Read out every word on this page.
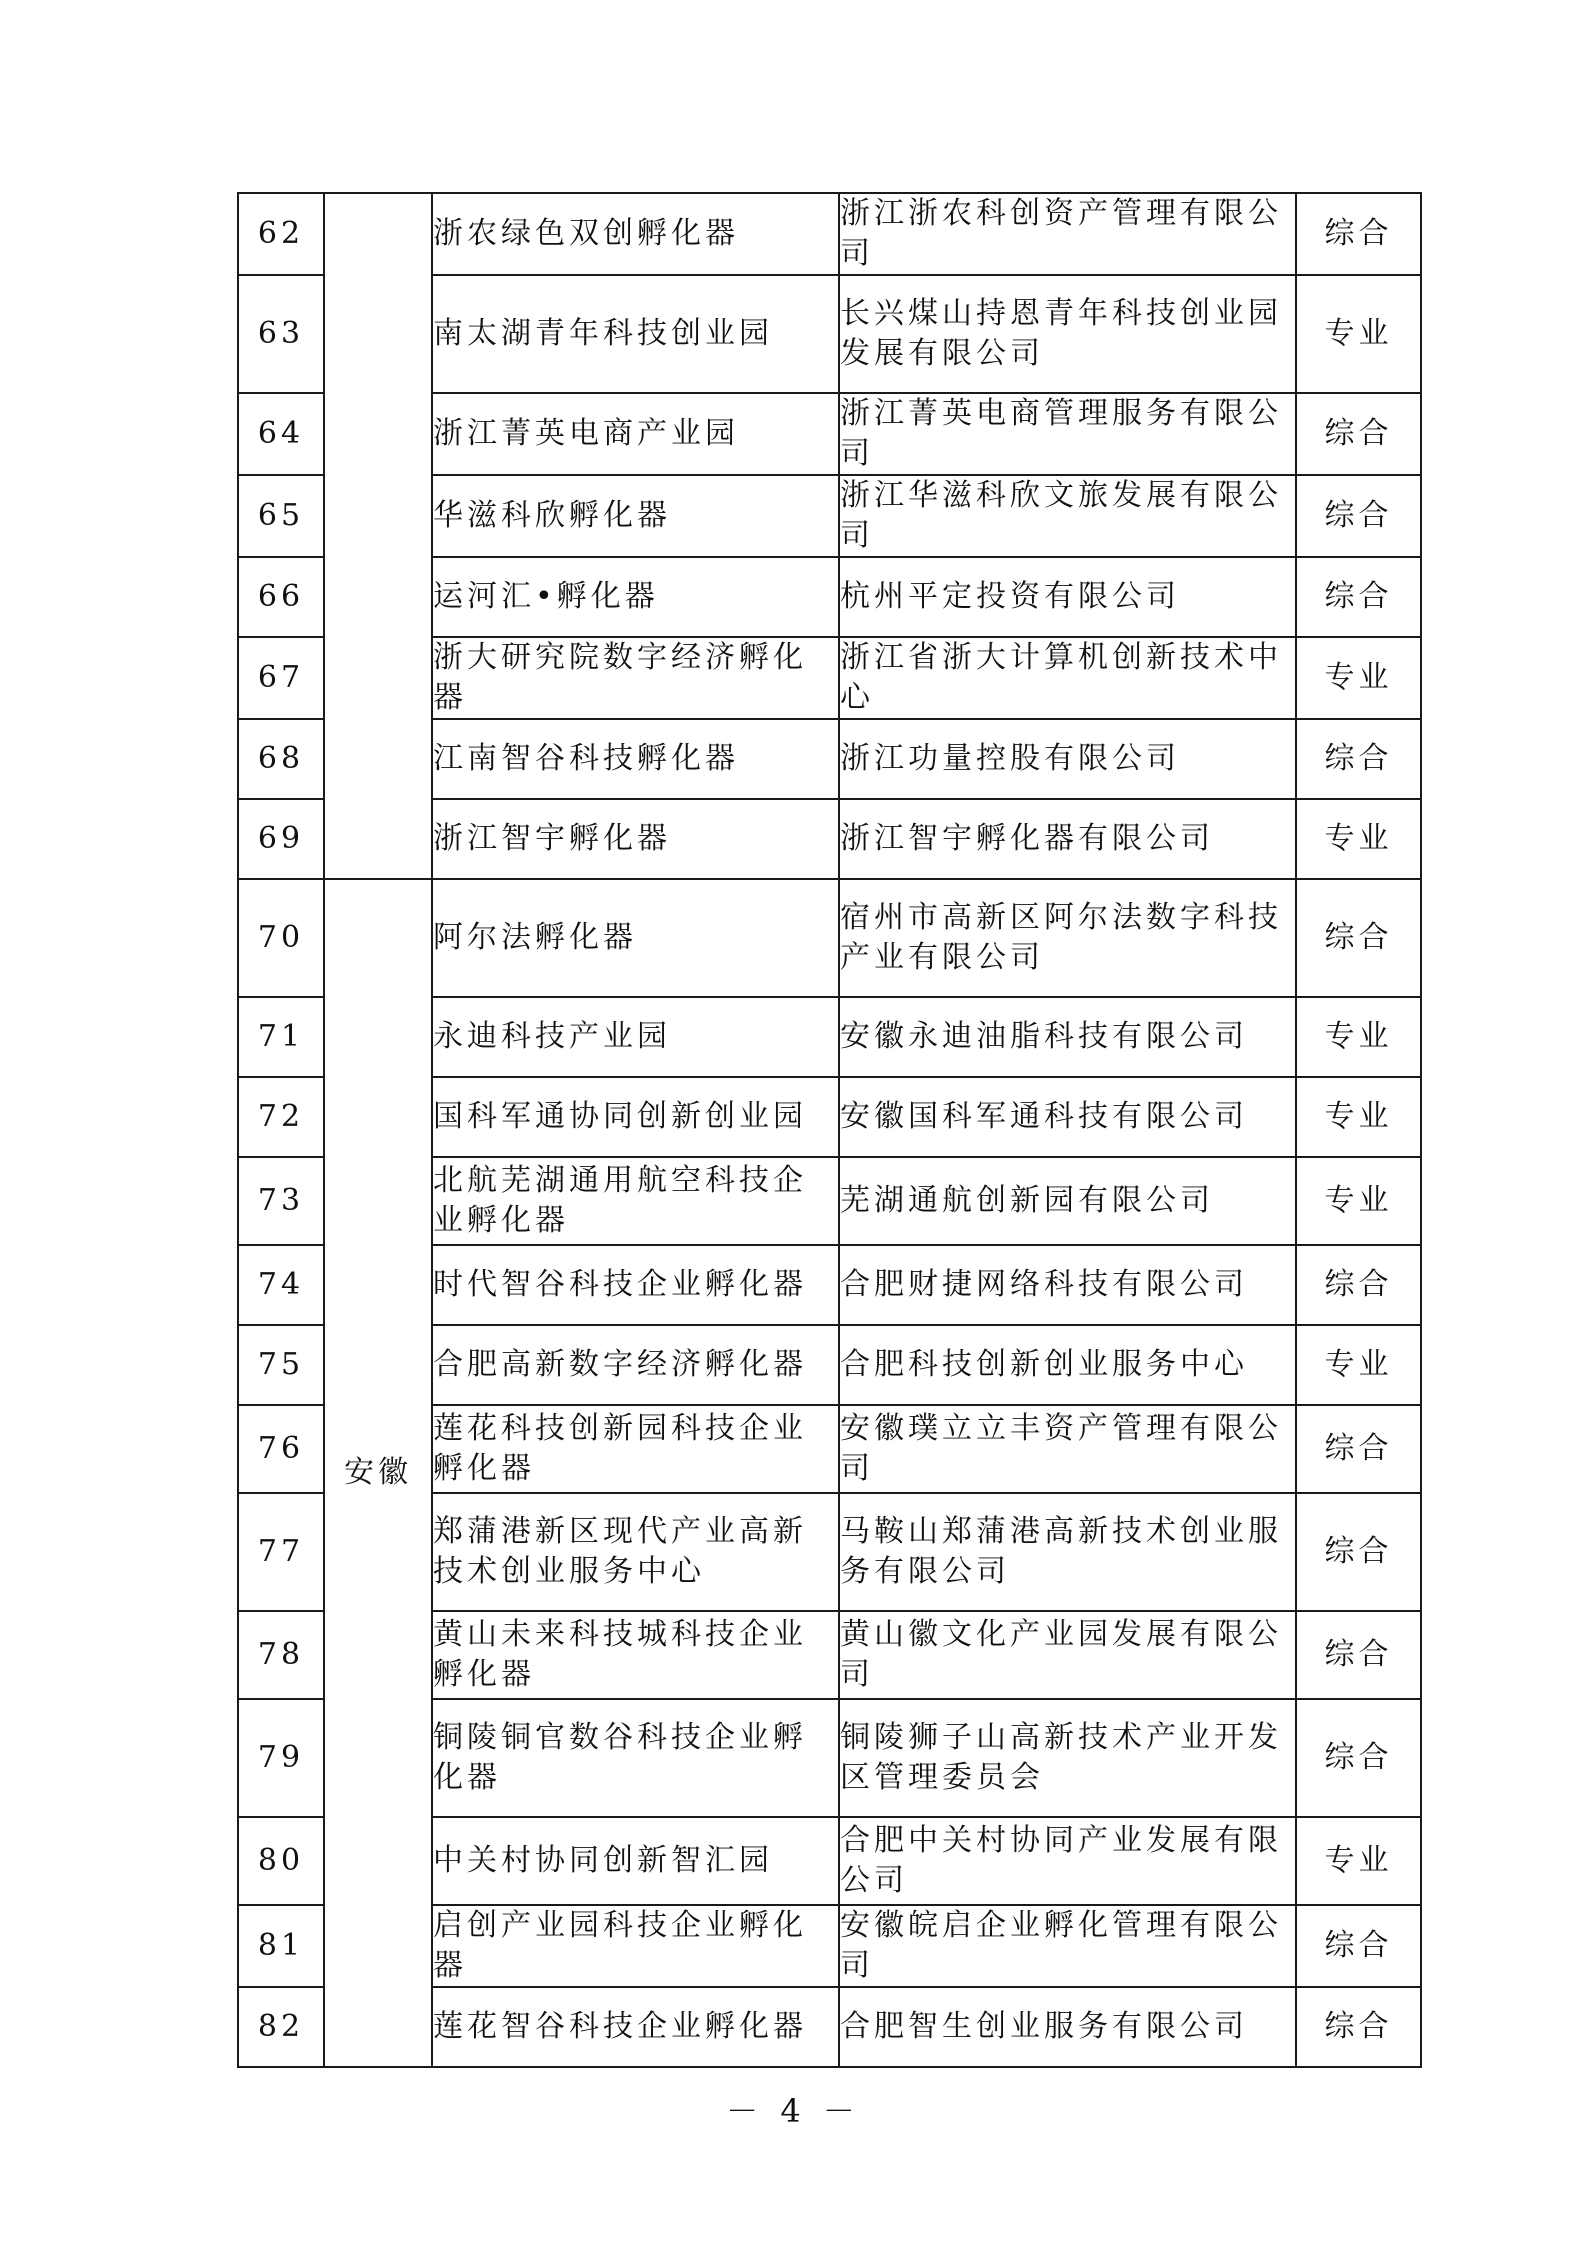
62		浙农绿色双创孵化器	浙江浙农科创资产管理有限公司	综合
63		南太湖青年科技创业园	长兴煤山持恩青年科技创业园发展有限公司	专业
64		浙江菁英电商产业园	浙江菁英电商管理服务有限公司	综合
65		华滋科欣孵化器	浙江华滋科欣文旅发展有限公司	综合
66		运河汇•孵化器	杭州平定投资有限公司	综合
67		浙大研究院数字经济孵化器	浙江省浙大计算机创新技术中心	专业
68		江南智谷科技孵化器	浙江功量控股有限公司	综合
69		浙江智宇孵化器	浙江智宇孵化器有限公司	专业
70	安徽	阿尔法孵化器	宿州市高新区阿尔法数字科技产业有限公司	综合
71		永迪科技产业园	安徽永迪油脂科技有限公司	专业
72		国科军通协同创新创业园	安徽国科军通科技有限公司	专业
73		北航芜湖通用航空科技企业孵化器	芜湖通航创新园有限公司	专业
74		时代智谷科技企业孵化器	合肥财捷网络科技有限公司	综合
75		合肥高新数字经济孵化器	合肥科技创新创业服务中心	专业
76		莲花科技创新园科技企业孵化器	安徽璞立立丰资产管理有限公司	综合
77		郑蒲港新区现代产业高新技术创业服务中心	马鞍山郑蒲港高新技术创业服务有限公司	综合
78		黄山未来科技城科技企业孵化器	黄山徽文化产业园发展有限公司	综合
79		铜陵铜官数谷科技企业孵化器	铜陵狮子山高新技术产业开发区管理委员会	综合
80		中关村协同创新智汇园	合肥中关村协同产业发展有限公司	专业
81		启创产业园科技企业孵化器	安徽皖启企业孵化管理有限公司	综合
82		莲花智谷科技企业孵化器	合肥智生创业服务有限公司	综合
－ 4 －
